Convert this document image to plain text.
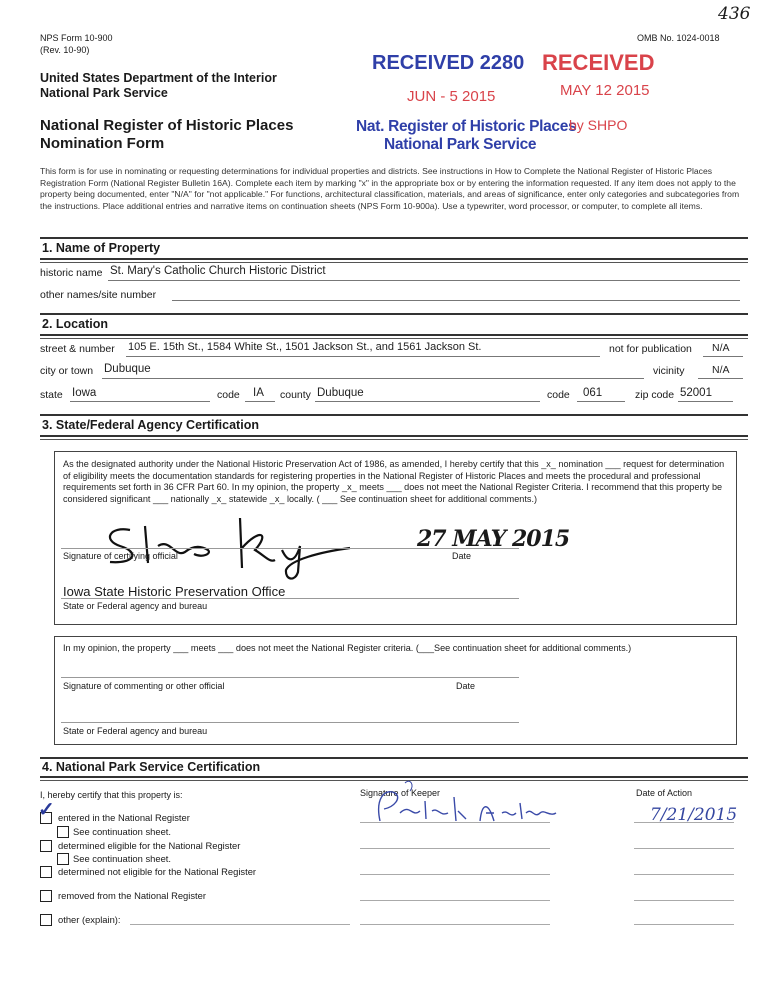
436
NPS Form 10-900
(Rev. 10-90)
OMB No. 1024-0018
United States Department of the Interior
National Park Service
National Register of Historic Places
Nomination Form
RECEIVED 2280
JUN - 5 2015
Nat. Register of Historic Places
National Park Service
RECEIVED
MAY 12 2015
by SHPO
This form is for use in nominating or requesting determinations for individual properties and districts. See instructions in How to Complete the National Register of Historic Places Registration Form (National Register Bulletin 16A). Complete each item by marking "x" in the appropriate box or by entering the information requested. If any item does not apply to the property being documented, enter "N/A" for "not applicable." For functions, architectural classification, materials, and areas of significance, enter only categories and subcategories from the instructions. Place additional entries and narrative items on continuation sheets (NPS Form 10-900a). Use a typewriter, word processor, or computer, to complete all items.
1. Name of Property
historic name St. Mary's Catholic Church Historic District
other names/site number
2. Location
street & number 105 E. 15th St., 1584 White St., 1501 Jackson St., and 1561 Jackson St.	not for publication N/A
city or town Dubuque	vicinity	N/A
state Iowa	code IA county Dubuque	code 061	zip code 52001
3. State/Federal Agency Certification
As the designated authority under the National Historic Preservation Act of 1986, as amended, I hereby certify that this _x_ nomination ___ request for determination of eligibility meets the documentation standards for registering properties in the National Register of Historic Places and meets the procedural and professional requirements set forth in 36 CFR Part 60. In my opinion, the property _x_ meets ___ does not meet the National Register Criteria. I recommend that this property be considered significant ___ nationally _x_ statewide _x_ locally. ( ___ See continuation sheet for additional comments.)
Signature of certifying official	Date
27 MAY 2015
Iowa State Historic Preservation Office
State or Federal agency and bureau
In my opinion, the property ___ meets ___ does not meet the National Register criteria. (___See continuation sheet for additional comments.)
Signature of commenting or other official	Date
State or Federal agency and bureau
4. National Park Service Certification
I, hereby certify that this property is:	Signature of Keeper	Date of Action
7/21/2015
✓ entered in the National Register
See continuation sheet.
determined eligible for the National Register
See continuation sheet.
determined not eligible for the National Register
removed from the National Register
other (explain):
